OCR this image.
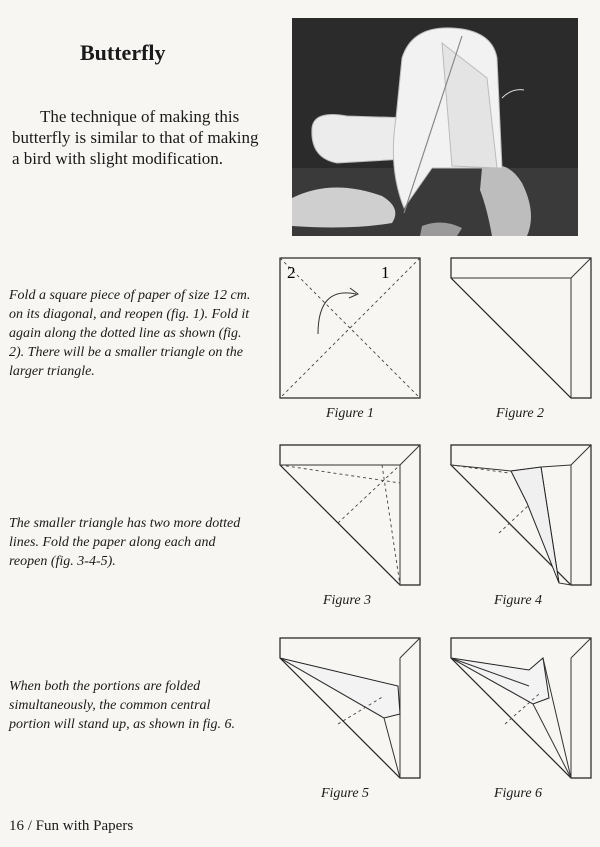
Butterfly

The technique of making this butterfly is similar to that of making a bird with slight modification.

Fold a square piece of paper of size 12 cm. on its diagonal, and reopen (fig. 1). Fold it again along the dotted line as shown (fig. 2). There will be a smaller triangle on the larger triangle.

The smaller triangle has two more dotted lines. Fold the paper along each and reopen (fig. 3-4-5).

When both the portions are folded simultaneously, the common central portion will stand up, as shown in fig. 6.

2	1
Figure 1	Figure 2
Figure 3	Figure 4
Figure 5	Figure 6
16 / Fun with Papers
